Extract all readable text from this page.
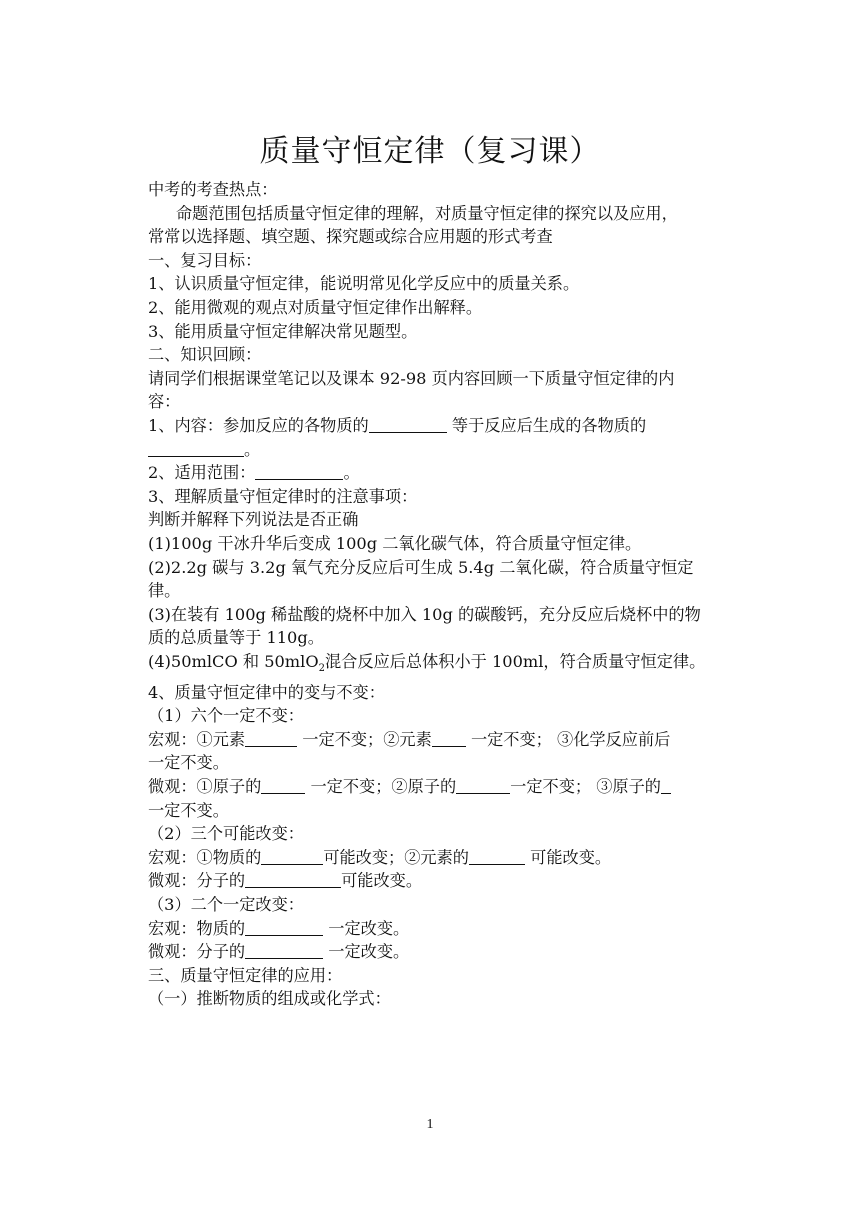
质量守恒定律（复习课）

中考的考查热点：

命题范围包括质量守恒定律的理解，对质量守恒定律的探究以及应用，

常常以选择题、填空题、探究题或综合应用题的形式考查

一、复习目标：

1、认识质量守恒定律，能说明常见化学反应中的质量关系。

2、能用微观的观点对质量守恒定律作出解释。

3、能用质量守恒定律解决常见题型。

二、知识回顾：

请同学们根据课堂笔记以及课本 92-98 页内容回顾一下质量守恒定律的内

容：

1、内容：参加反应的各物质的	等于反应后生成的各物质的

。

2、适用范围：	。

3、理解质量守恒定律时的注意事项：

判断并解释下列说法是否正确

(1)100g 干冰升华后变成 100g 二氧化碳气体，符合质量守恒定律。

(2)2.2g 碳与 3.2g 氧气充分反应后可生成 5.4g 二氧化碳，符合质量守恒定

律。

(3)在装有 100g 稀盐酸的烧杯中加入 10g 的碳酸钙，充分反应后烧杯中的物

质的总质量等于 110g。

(4)50mlCO 和 50mlO$_2$混合反应后总体积小于 100ml，符合质量守恒定律。

4、质量守恒定律中的变与不变：

（1）六个一定不变：

宏观：①元素	一定不变；②元素 一定不变； ③化学反应前后

一定不变。

微观：①原子的	一定不变；②原子的	一定不变； ③原子的

一定不变。

（2）三个可能改变：

宏观：①物质的	可能改变；②元素的	可能改变。

微观：分子的	可能改变。

（3）二个一定改变：

宏观：物质的	一定改变。

微观：分子的	一定改变。

三、质量守恒定律的应用：

（一）推断物质的组成或化学式：

1
